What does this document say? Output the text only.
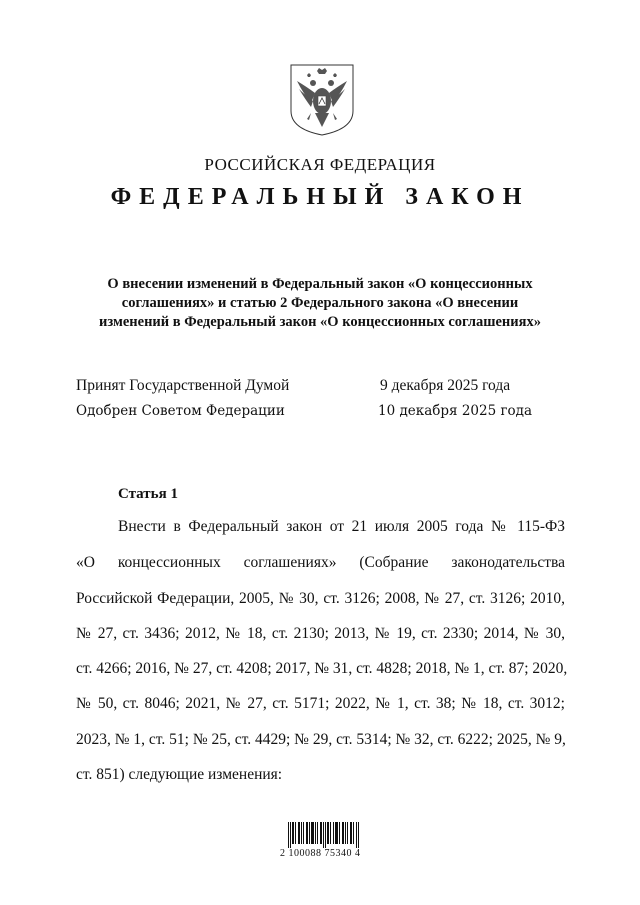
РОССИЙСКАЯ ФЕДЕРАЦИЯ
ФЕДЕРАЛЬНЫЙ ЗАКОН
О внесении изменений в Федеральный закон «О концессионных
соглашениях» и статью 2 Федерального закона «О внесении
изменений в Федеральный закон «О концессионных соглашениях»
Принят Государственной Думой	9 декабря 2025 года
Одобрен Советом Федерации	10 декабря 2025 года
Статья 1
Внести в Федеральный закон от 21 июля 2005 года № 115-ФЗ
«О концессионных соглашениях» (Собрание законодательства
Российской Федерации, 2005, № 30, ст. 3126; 2008, № 27, ст. 3126; 2010,
№ 27, ст. 3436; 2012, № 18, ст. 2130; 2013, № 19, ст. 2330; 2014, № 30,
ст. 4266; 2016, № 27, ст. 4208; 2017, № 31, ст. 4828; 2018, № 1, ст. 87; 2020,
№ 50, ст. 8046; 2021, № 27, ст. 5171; 2022, № 1, ст. 38; № 18, ст. 3012;
2023, № 1, ст. 51; № 25, ст. 4429; № 29, ст. 5314; № 32, ст. 6222; 2025, № 9,
ст. 851) следующие изменения:
2 100088 75340 4
